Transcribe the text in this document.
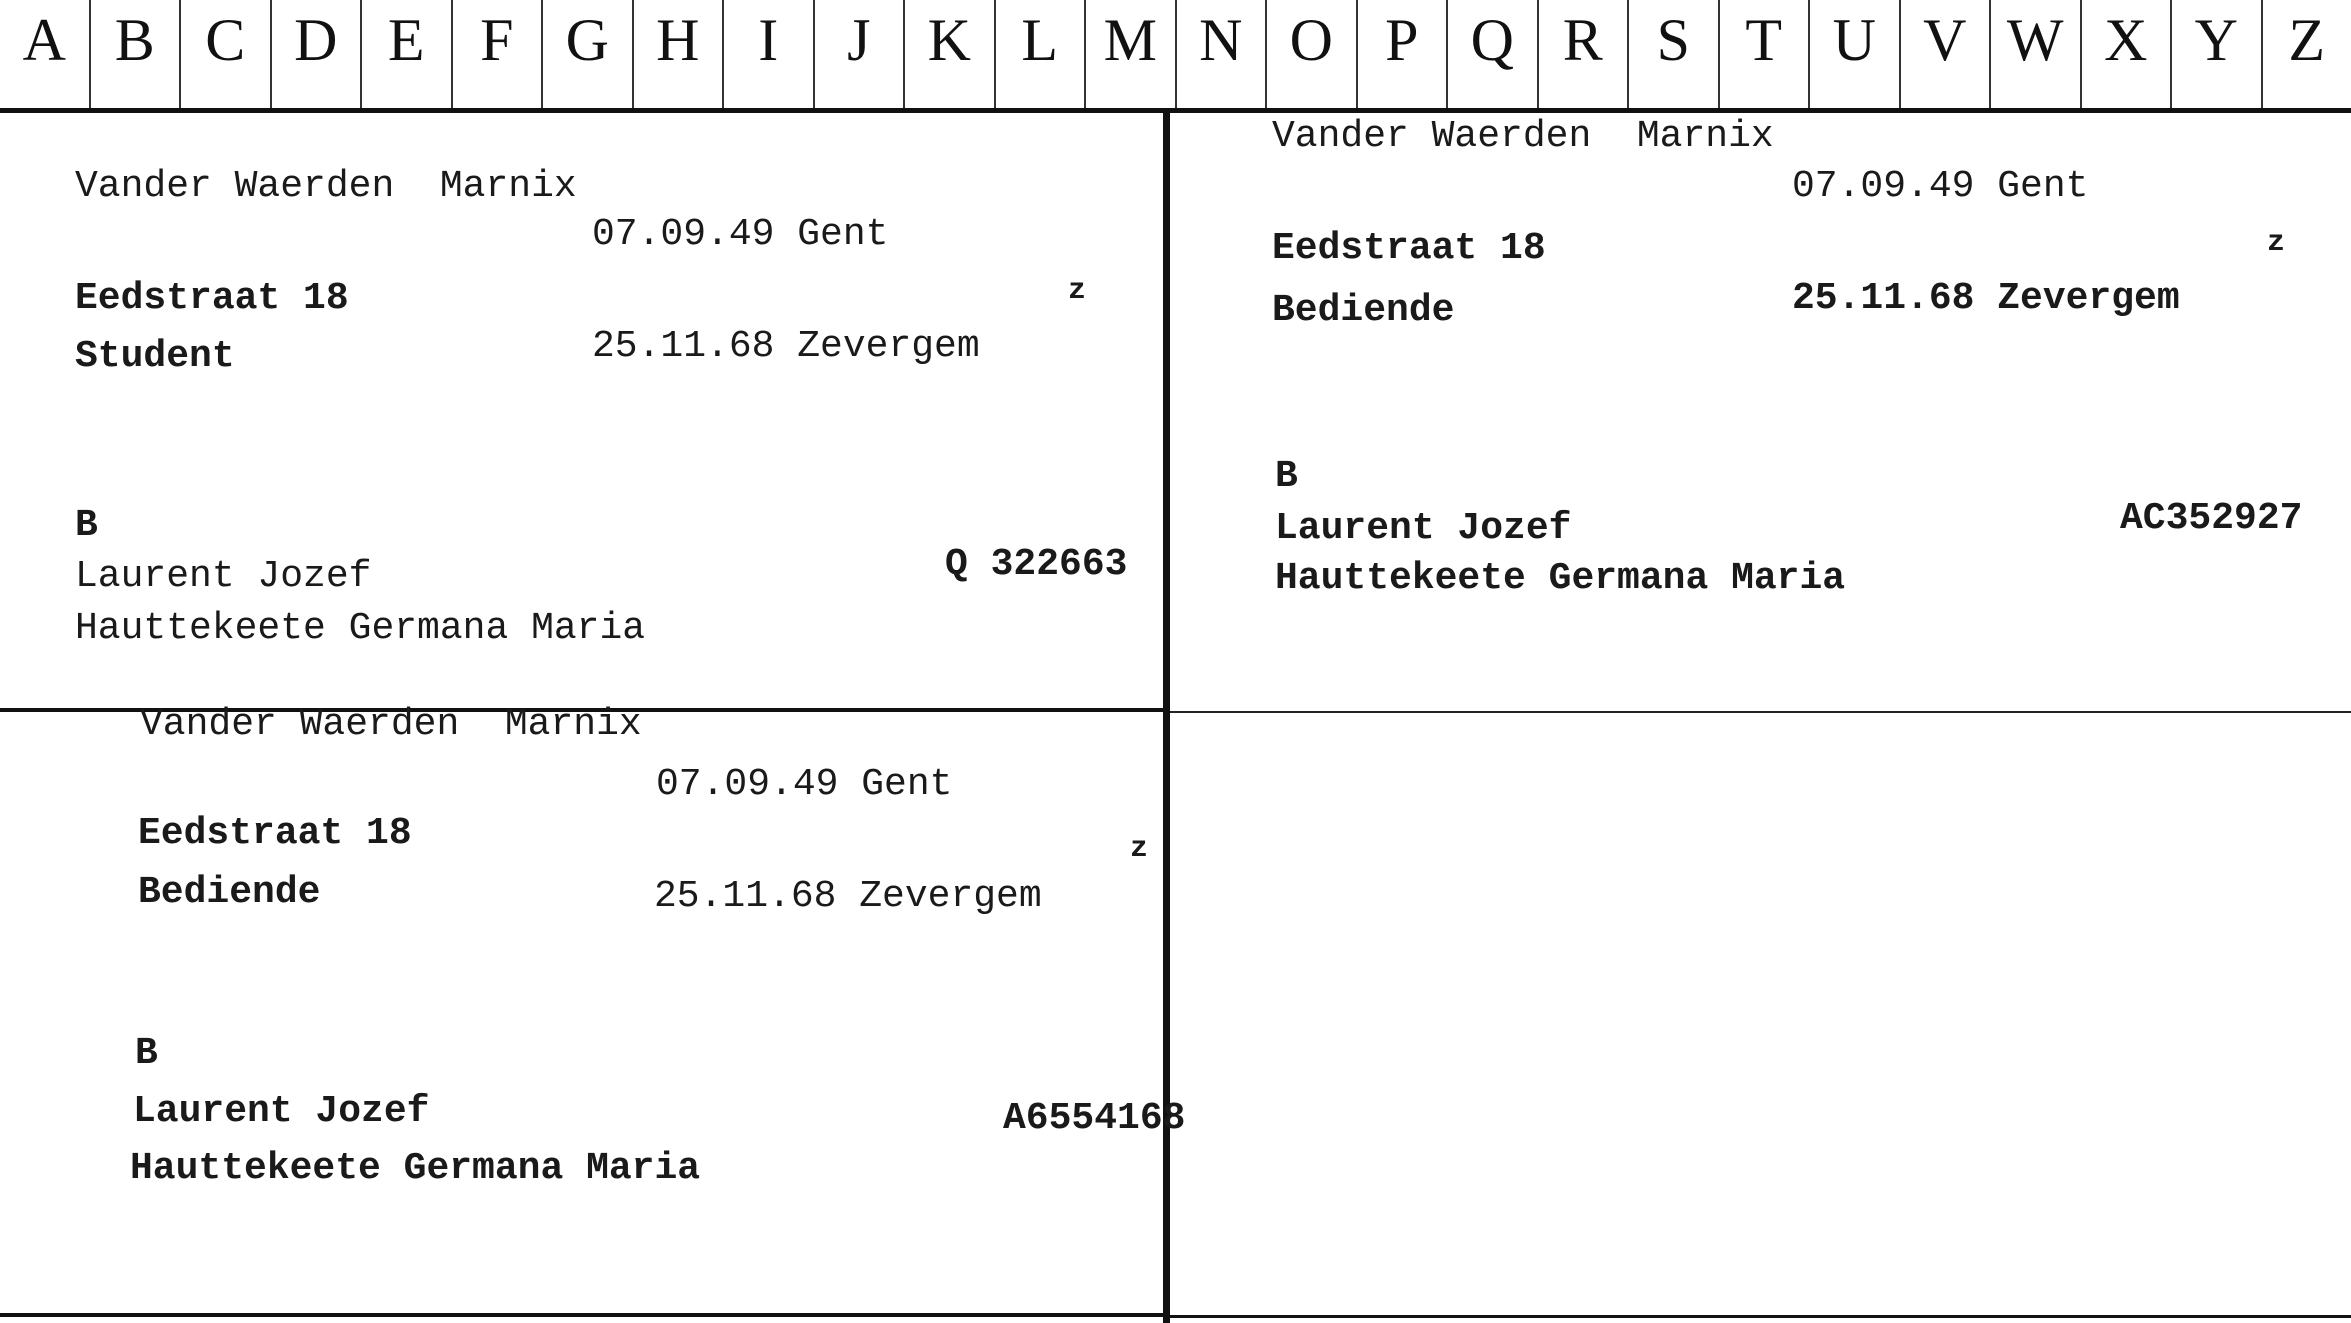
A B C D E F G H I	J K L M N O P Q R S T U V W X Y Z
Vander Waerden  Marnix
07.09.49 Gent
Eedstraat 18	z
Student	25.11.68 Zevergem
B
Laurent Jozef	Q 322663
Hauttekeete Germana Maria
Vander Waerden  Marnix
07.09.49 Gent
Eedstraat 18	z
Bediende	25.11.68 Zevergem
B
Laurent Jozef	AC352927
Hauttekeete Germana Maria
Vander Waerden  Marnix
07.09.49 Gent
Eedstraat 18	z
Bediende	25.11.68 Zevergem
B
Laurent Jozef	A6554168
Hauttekeete Germana Maria
